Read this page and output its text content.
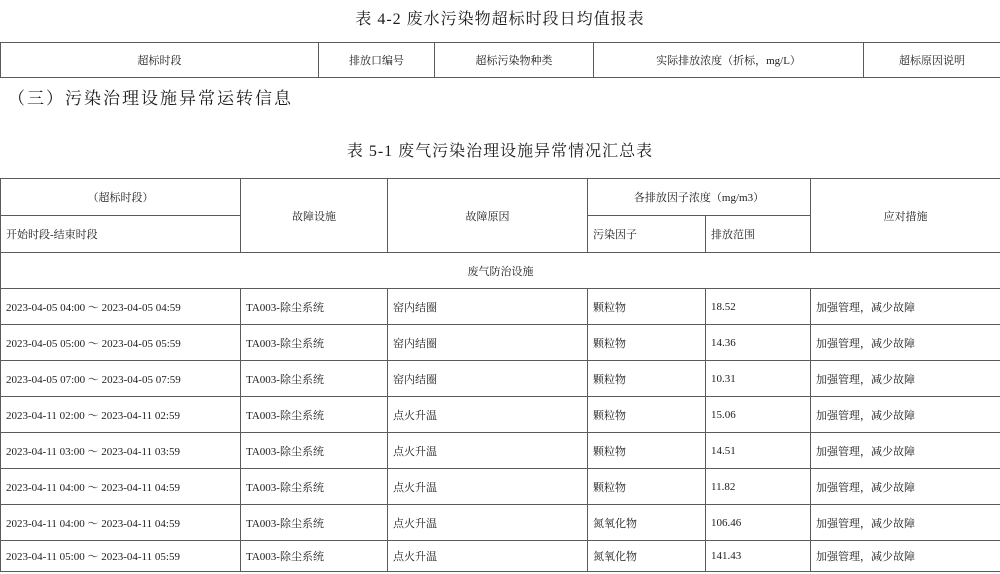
表 4-2 废水污染物超标时段日均值报表
超标时段	排放口编号	超标污染物种类	实际排放浓度（折标，mg/L）	超标原因说明
（三）污染治理设施异常运转信息
表 5-1 废气污染治理设施异常情况汇总表
（超标时段）	故障设施	故障原因	各排放因子浓度（mg/m3）		应对措施
开始时段-结束时段			污染因子	排放范围	
废气防治设施					
2023-04-05 04:00 ～ 2023-04-05 04:59	TA003-除尘系统	窑内结圈	颗粒物	18.52	加强管理，减少故障
2023-04-05 05:00 ～ 2023-04-05 05:59	TA003-除尘系统	窑内结圈	颗粒物	14.36	加强管理，减少故障
2023-04-05 07:00 ～ 2023-04-05 07:59	TA003-除尘系统	窑内结圈	颗粒物	10.31	加强管理，减少故障
2023-04-11 02:00 ～ 2023-04-11 02:59	TA003-除尘系统	点火升温	颗粒物	15.06	加强管理，减少故障
2023-04-11 03:00 ～ 2023-04-11 03:59	TA003-除尘系统	点火升温	颗粒物	14.51	加强管理，减少故障
2023-04-11 04:00 ～ 2023-04-11 04:59	TA003-除尘系统	点火升温	颗粒物	11.82	加强管理，减少故障
2023-04-11 04:00 ～ 2023-04-11 04:59	TA003-除尘系统	点火升温	氮氧化物	106.46	加强管理，减少故障
2023-04-11 05:00 ～ 2023-04-11 05:59	TA003-除尘系统	点火升温	氮氧化物	141.43	加强管理，减少故障
